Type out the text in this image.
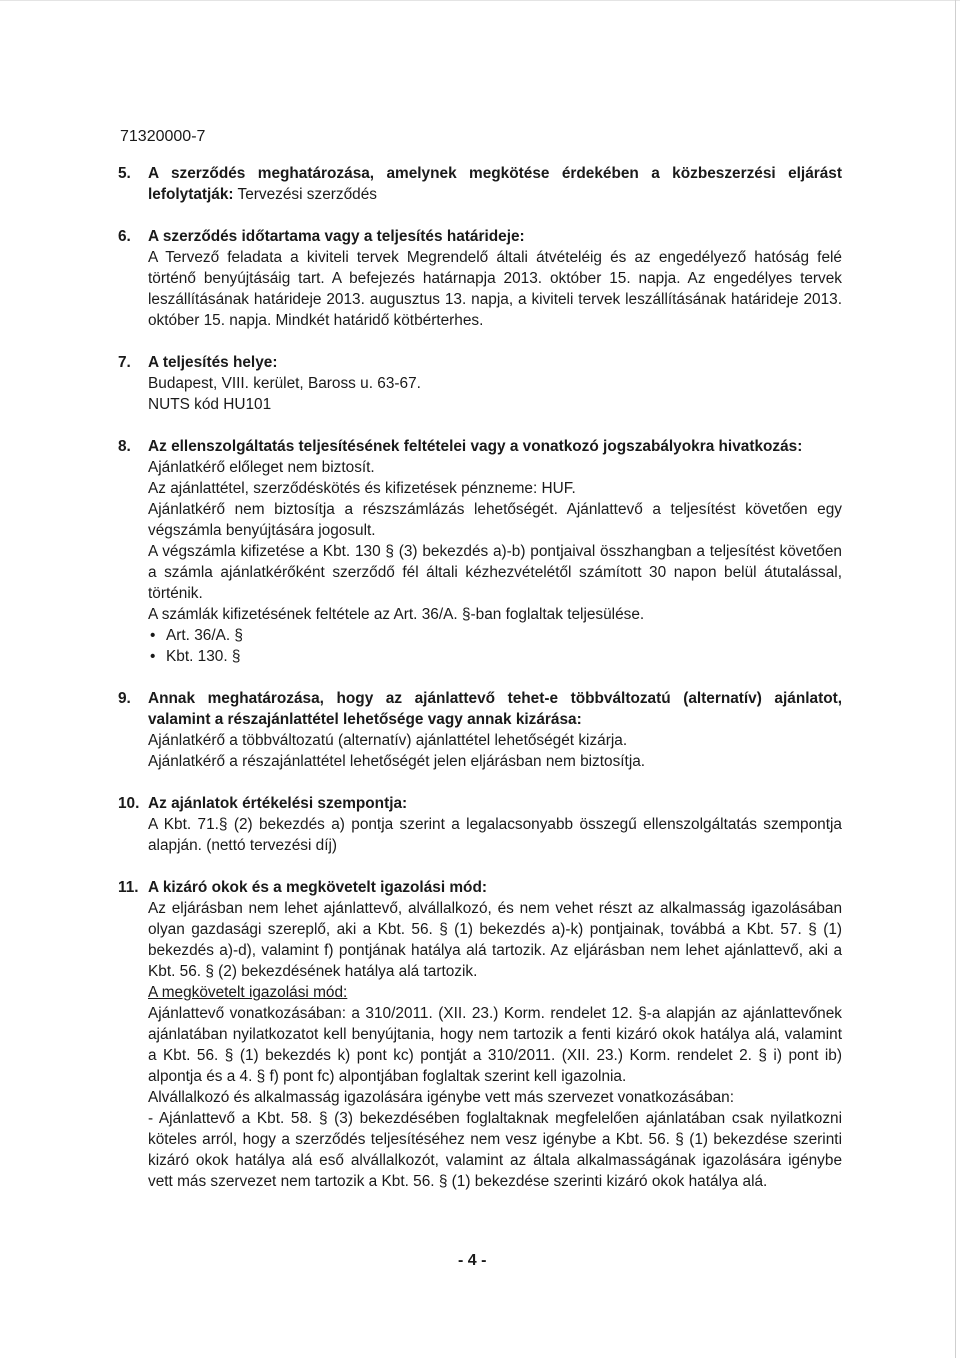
71320000-7
5. A szerződés meghatározása, amelynek megkötése érdekében a közbeszerzési eljárást lefolytatják: Tervezési szerződés

6. A szerződés időtartama vagy a teljesítés határideje:

A Tervező feladata a kiviteli tervek Megrendelő általi átvételéig és az engedélyező hatóság felé történő benyújtásáig tart. A befejezés határnapja 2013. október 15. napja. Az engedélyes tervek leszállításának határideje 2013. augusztus 13. napja, a kiviteli tervek leszállításának határideje 2013. október 15. napja. Mindkét határidő kötbérterhes.

7. A teljesítés helye:

Budapest, VIII. kerület, Baross u. 63-67.

NUTS kód HU101

8. Az ellenszolgáltatás teljesítésének feltételei vagy a vonatkozó jogszabályokra hivatkozás:

Ajánlatkérő előleget nem biztosít.

Az ajánlattétel, szerződéskötés és kifizetések pénzneme: HUF.

Ajánlatkérő nem biztosítja a részszámlázás lehetőségét. Ajánlattevő a teljesítést követően egy végszámla benyújtására jogosult.

A végszámla kifizetése a Kbt. 130 § (3) bekezdés a)-b) pontjaival összhangban a teljesítést követően a számla ajánlatkérőként szerződő fél általi kézhezvételétől számított 30 napon belül átutalással, történik.

A számlák kifizetésének feltétele az Art. 36/A. §-ban foglaltak teljesülése.

• Art. 36/A. §
• Kbt. 130. §
9. Annak meghatározása, hogy az ajánlattevő tehet-e többváltozatú (alternatív) ajánlatot, valamint a részajánlattétel lehetősége vagy annak kizárása:

Ajánlatkérő a többváltozatú (alternatív) ajánlattétel lehetőségét kizárja.

Ajánlatkérő a részajánlattétel lehetőségét jelen eljárásban nem biztosítja.

10. Az ajánlatok értékelési szempontja:

A Kbt. 71.§ (2) bekezdés a) pontja szerint a legalacsonyabb összegű ellenszolgáltatás szempontja alapján. (nettó tervezési díj)

11. A kizáró okok és a megkövetelt igazolási mód:

Az eljárásban nem lehet ajánlattevő, alvállalkozó, és nem vehet részt az alkalmasság igazolásában olyan gazdasági szereplő, aki a Kbt. 56. § (1) bekezdés a)-k) pontjainak, továbbá a Kbt. 57. § (1) bekezdés a)-d), valamint f) pontjának hatálya alá tartozik. Az eljárásban nem lehet ajánlattevő, aki a Kbt. 56. § (2) bekezdésének hatálya alá tartozik.

A megkövetelt igazolási mód:

Ajánlattevő vonatkozásában: a 310/2011. (XII. 23.) Korm. rendelet 12. §-a alapján az ajánlattevőnek ajánlatában nyilatkozatot kell benyújtania, hogy nem tartozik a fenti kizáró okok hatálya alá, valamint a Kbt. 56. § (1) bekezdés k) pont kc) pontját a 310/2011. (XII. 23.) Korm. rendelet 2. § i) pont ib) alpontja és a 4. § f) pont fc) alpontjában foglaltak szerint kell igazolnia.

Alvállalkozó és alkalmasság igazolására igénybe vett más szervezet vonatkozásában:

- Ajánlattevő a Kbt. 58. § (3) bekezdésében foglaltaknak megfelelően ajánlatában csak nyilatkozni köteles arról, hogy a szerződés teljesítéséhez nem vesz igénybe a Kbt. 56. § (1) bekezdése szerinti kizáró okok hatálya alá eső alvállalkozót, valamint az általa alkalmasságának igazolására igénybe vett más szervezet nem tartozik a Kbt. 56. § (1) bekezdése szerinti kizáró okok hatálya alá.

- 4 -
